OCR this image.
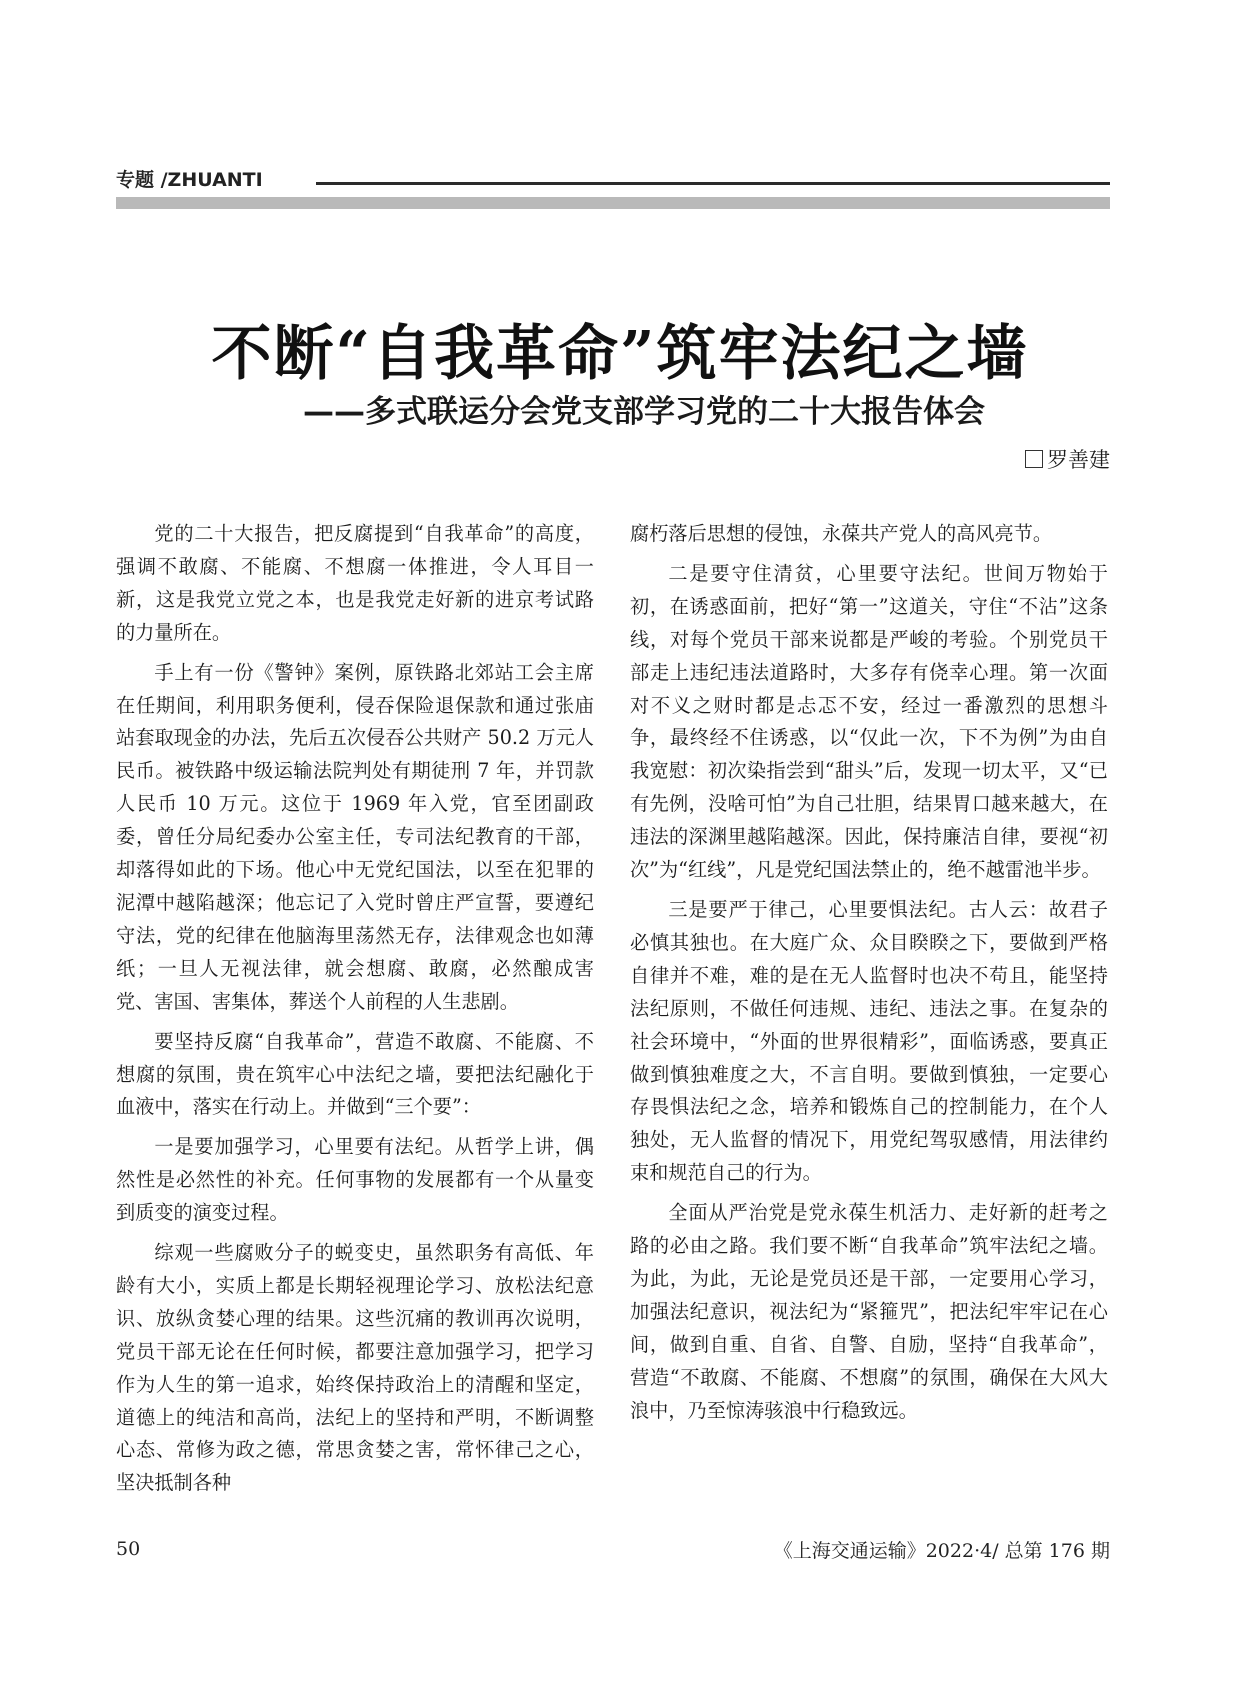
专题 /ZHUANTI
不断“自我革命”筑牢法纪之墙
——多式联运分会党支部学习党的二十大报告体会
罗善建

党的二十大报告，把反腐提到“自我革命”的高度，强调不敢腐、不能腐、不想腐一体推进，令人耳目一新，这是我党立党之本，也是我党走好新的进京考试路的力量所在。

手上有一份《警钟》案例，原铁路北郊站工会主席在任期间，利用职务便利，侵吞保险退保款和通过张庙站套取现金的办法，先后五次侵吞公共财产 50.2 万元人民币。被铁路中级运输法院判处有期徒刑 7 年，并罚款人民币 10 万元。这位于 1969 年入党，官至团副政委，曾任分局纪委办公室主任，专司法纪教育的干部，却落得如此的下场。他心中无党纪国法，以至在犯罪的泥潭中越陷越深；他忘记了入党时曾庄严宣誓，要遵纪守法，党的纪律在他脑海里荡然无存，法律观念也如薄纸；一旦人无视法律，就会想腐、敢腐，必然酿成害党、害国、害集体，葬送个人前程的人生悲剧。

要坚持反腐“自我革命”，营造不敢腐、不能腐、不想腐的氛围，贵在筑牢心中法纪之墙，要把法纪融化于血液中，落实在行动上。并做到“三个要”：

一是要加强学习，心里要有法纪。从哲学上讲，偶然性是必然性的补充。任何事物的发展都有一个从量变到质变的演变过程。

综观一些腐败分子的蜕变史，虽然职务有高低、年龄有大小，实质上都是长期轻视理论学习、放松法纪意识、放纵贪婪心理的结果。这些沉痛的教训再次说明，党员干部无论在任何时候，都要注意加强学习，把学习作为人生的第一追求，始终保持政治上的清醒和坚定，道德上的纯洁和高尚，法纪上的坚持和严明，不断调整心态、常修为政之德，常思贪婪之害，常怀律己之心，坚决抵制各种

腐朽落后思想的侵蚀，永葆共产党人的高风亮节。

二是要守住清贫，心里要守法纪。世间万物始于初，在诱惑面前，把好“第一”这道关，守住“不沾”这条线，对每个党员干部来说都是严峻的考验。个别党员干部走上违纪违法道路时，大多存有侥幸心理。第一次面对不义之财时都是忐忑不安，经过一番激烈的思想斗争，最终经不住诱惑，以“仅此一次，下不为例”为由自我宽慰：初次染指尝到“甜头”后，发现一切太平，又“已有先例，没啥可怕”为自己壮胆，结果胃口越来越大，在违法的深渊里越陷越深。因此，保持廉洁自律，要视“初次”为“红线”，凡是党纪国法禁止的，绝不越雷池半步。

三是要严于律己，心里要惧法纪。古人云：故君子必慎其独也。在大庭广众、众目睽睽之下，要做到严格自律并不难，难的是在无人监督时也决不苟且，能坚持法纪原则，不做任何违规、违纪、违法之事。在复杂的社会环境中，“外面的世界很精彩”，面临诱惑，要真正做到慎独难度之大，不言自明。要做到慎独，一定要心存畏惧法纪之念，培养和锻炼自己的控制能力，在个人独处，无人监督的情况下，用党纪驾驭感情，用法律约束和规范自己的行为。

全面从严治党是党永葆生机活力、走好新的赶考之路的必由之路。我们要不断“自我革命”筑牢法纪之墙。为此，为此，无论是党员还是干部，一定要用心学习，加强法纪意识，视法纪为“紧箍咒”，把法纪牢牢记在心间，做到自重、自省、自警、自励，坚持“自我革命”，营造“不敢腐、不能腐、不想腐”的氛围，确保在大风大浪中，乃至惊涛骇浪中行稳致远。

50	《上海交通运输》2022·4/ 总第 176 期
